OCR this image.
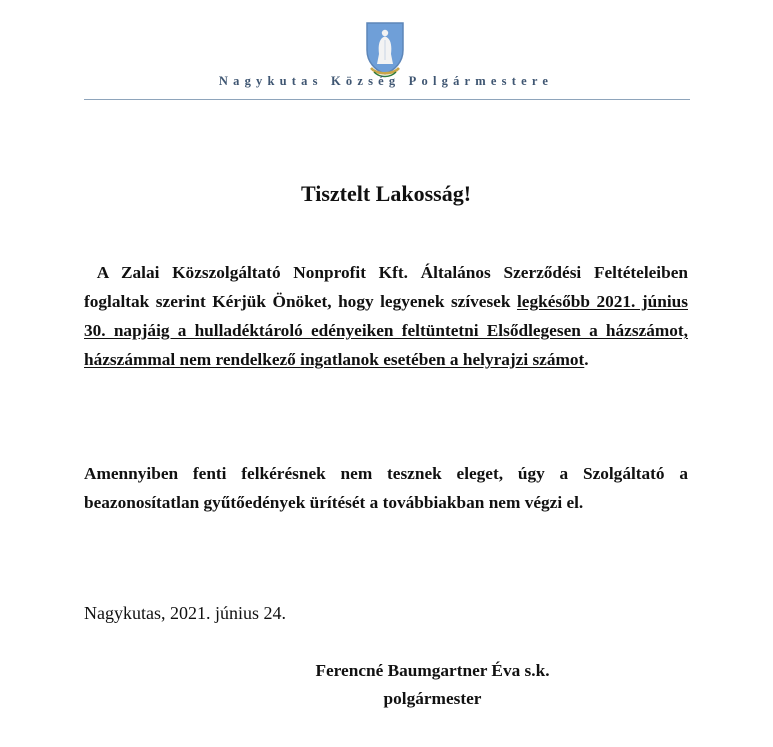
Nagykutas Község Polgármestere
Tisztelt Lakosság!
A Zalai Közszolgáltató Nonprofit Kft. Általános Szerződési Feltételeiben foglaltak szerint Kérjük Önöket, hogy legyenek szívesek legkésőbb 2021. június 30. napjáig a hulladéktároló edényeiken feltüntetni Elsődlegesen a házszámot, házszámmal nem rendelkező ingatlanok esetében a helyrajzi számot.
Amennyiben fenti felkérésnek nem tesznek eleget, úgy a Szolgáltató a beazonosítatlan gyűtőedények ürítését a továbbiakban nem végzi el.
Nagykutas, 2021. június 24.
Ferencné Baumgartner Éva s.k.
polgármester
